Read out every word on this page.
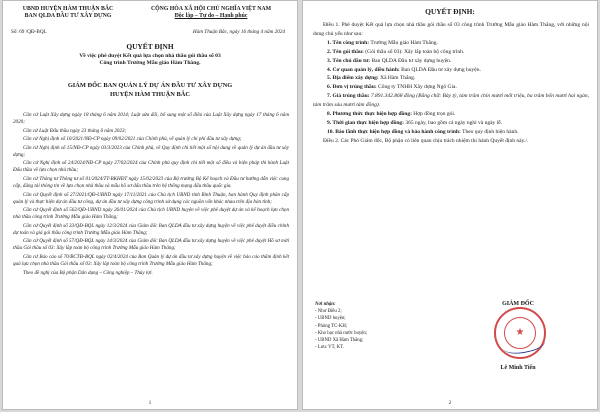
UBND HUYỆN HÀM THUẬN BẮC
BAN QLDA ĐẦU TƯ XÂY DỰNG
CỘNG HÒA XÃ HỘI CHỦ NGHĨA VIỆT NAM
Độc lập – Tự do – Hạnh phúc
Số: 69 /QĐ-BQL	Hàm Thuận Bắc, ngày 16 tháng 4 năm 2024
QUYẾT ĐỊNH
Về việc phê duyệt Kết quả lựa chọn nhà thầu gói thầu số 03
Công trình Trường Mẫu giáo Hàm Thắng.
GIÁM ĐỐC BAN QUẢN LÝ DỰ ÁN ĐẦU TƯ XÂY DỰNG
HUYỆN HÀM THUẬN BẮC

Căn cứ Luật Xây dựng ngày 18 tháng 6 năm 2014; Luật sửa đổi, bổ sung một số điều của Luật Xây dựng ngày 17 tháng 6 năm 2020;

Căn cứ Luật Đấu thầu ngày 23 tháng 6 năm 2023;

Căn cứ Nghị định số 10/2021/NĐ-CP ngày 09/02/2021 của Chính phủ, về quản lý chi phí đầu tư xây dựng;

Căn cứ Nghị định số 15/NĐ-CP ngày 03/3/2023 của Chính phủ, về Quy định chi tiết một số nội dung về quản lý dự án đầu tư xây dựng;

Căn cứ Nghị định số 24/2024/NĐ-CP ngày 27/02/2024 của Chính phủ quy định chi tiết một số điều và biện pháp thi hành Luật Đấu thầu về lựa chọn nhà thầu;

Căn cứ Thông tư Thông tư số 01/2024/TT-BKHĐT ngày 15/02/2023 của Bộ trưởng Bộ Kế hoạch và Đầu tư hướng dẫn việc cung cấp, đăng tải thông tin về lựa chọn nhà thầu và mẫu hồ sơ đấu thầu trên hệ thống mạng đấu thầu quốc gia.

Căn cứ Quyết định số 27/2021/QĐ-UBND ngày 17/11/2021 của Chủ tịch UBND tỉnh Bình Thuận, ban hành Quy định phân cấp quản lý và thực hiện dự án đầu tư công, dự án đầu tư xây dựng công trình sử dụng các nguồn vốn khác nhau trên địa bàn tỉnh;

Căn cứ Quyết định số 562/QĐ-UBND ngày 26/01/2024 của Chủ tịch UBND huyện về việc phê duyệt dự án và kế hoạch lựa chọn nhà thầu công trình Trường Mẫu giáo Hàm Thắng;

Căn cứ Quyết định số 33/QĐ-BQL ngày 12/3/2024 của Giám đốc Ban QLDA đầu tư xây dựng huyện về việc phê duyệt điều chỉnh dự toán và giá gói thầu công trình Trường Mẫu giáo Hàm Thắng;

Căn cứ Quyết định số 57/QĐ-BQL ngày 14/3/2024 của Giám đốc Ban QLDA đầu tư xây dựng huyện về việc phê duyệt Hồ sơ mời thầu Gói thầu số 03: Xây lắp toàn bộ công trình Trường Mẫu giáo Hàm Thắng;

Căn cứ Báo cáo số 70/BCTĐ-BQL ngày 02/4/2024 của Ban Quản lý dự án đầu tư xây dựng huyện về việc báo cáo thẩm định kết quả lựa chọn nhà thầu Gói thầu số 03: Xây lắp toàn bộ công trình Trường Mẫu giáo Hàm Thắng;

Theo đề nghị của Bộ phận Dân dụng – Công nghiệp – Thủy lợi.

1
QUYẾT ĐỊNH:
Điều 1. Phê duyệt Kết quả lựa chọn nhà thầu gói thầu số 03 công trình Trường Mẫu giáo Hàm Thắng, với những nội dung chủ yếu như sau:
1. Tên công trình: Trường Mẫu giáo Hàm Thắng.
2. Tên gói thầu: (Gói thầu số 03): Xây lắp toàn bộ công trình.
3. Tên chủ đầu tư: Ban QLDA Đầu tư xây dựng huyện.
4. Cơ quan quản lý, điều hành: Ban QLDA Đầu tư xây dựng huyện.
5. Địa điểm xây dựng: Xã Hàm Thắng.
6. Đơn vị trúng thầu: Công ty TNHH Xây dựng Ngô Gia.
7. Giá trúng thầu: 7.891.342.868 đồng (Bằng chữ: Bảy tỷ, tám trăm chín mươi mốt triệu, ba trăm bốn mươi hai ngàn, tám trăm sáu mươi tám đồng).
8. Phương thức thực hiện hợp đồng: Hợp đồng trọn gói.
9. Thời gian thực hiện hợp đồng: 365 ngày, bao gồm cả ngày nghỉ và ngày lễ.
10. Bảo lãnh thực hiện hợp đồng và bảo hành công trình: Theo quy định hiện hành.
Điều 2. Các Phó Giám đốc, Bộ phận có liên quan chịu trách nhiệm thi hành Quyết định này./.
Nơi nhận:
- Như Điều 2;
- UBND huyện;
- Phòng TC-KH;
- Kho bạc nhà nước huyện;
- UBND Xã Hàm Thắng;
- Lưu: VT, KT.
★
GIÁM ĐỐC
Lê Minh Tiến
2
